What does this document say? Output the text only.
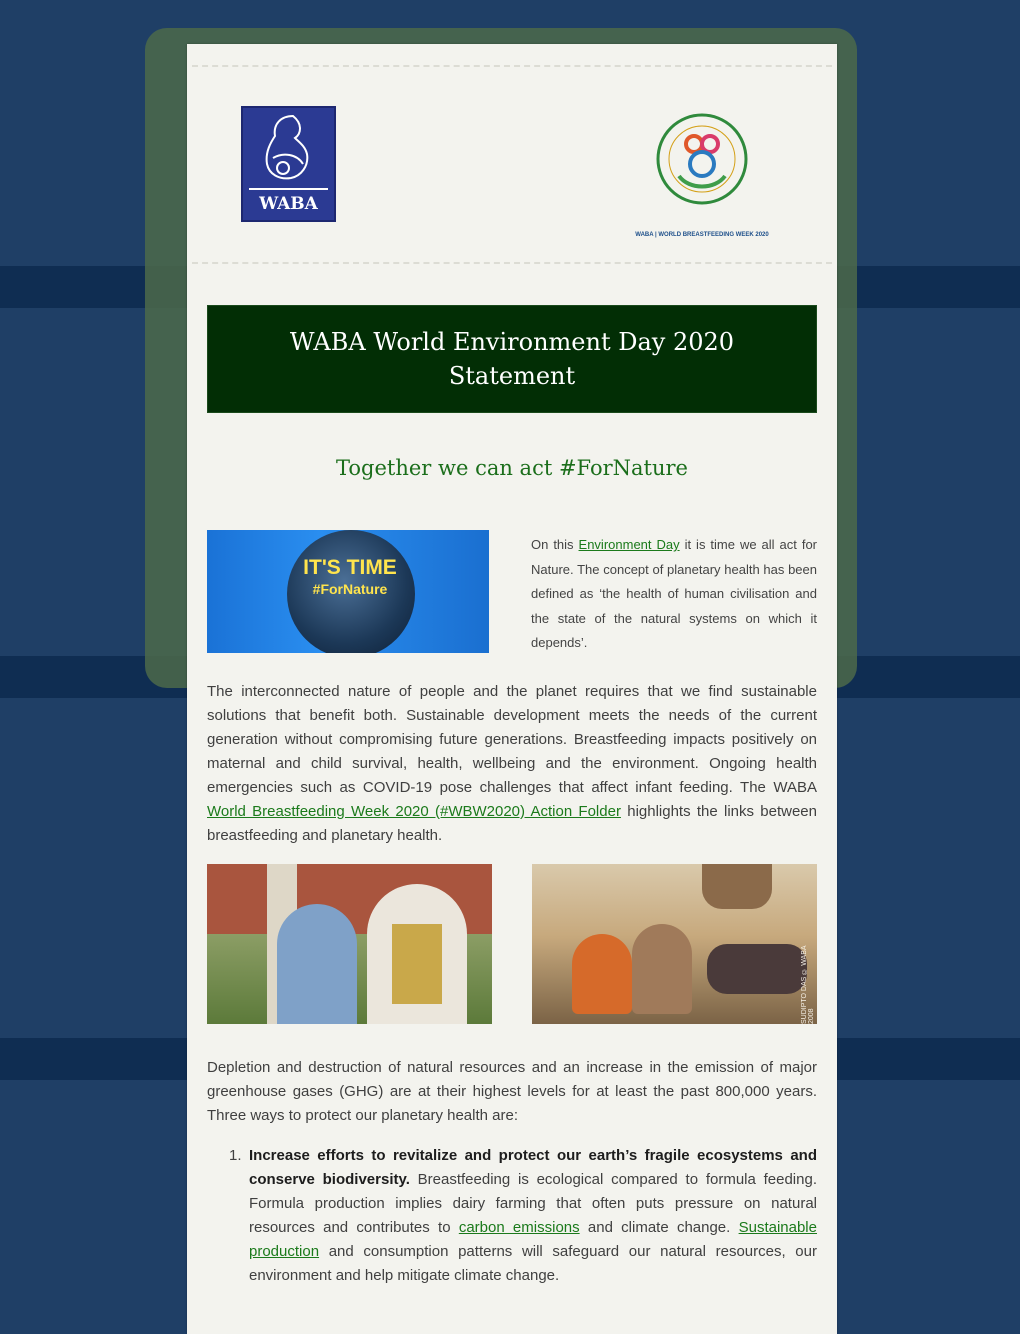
WABA
WABA | WORLD BREASTFEEDING WEEK 2020
WABA World Environment Day 2020 Statement
Together we can act #ForNature
IT'S TIME
#ForNature

On this Environment Day it is time we all act for Nature. The concept of planetary health has been defined as ‘the health of human civilisation and the state of the natural systems on which it depends’.

The interconnected nature of people and the planet requires that we find sustainable solutions that benefit both. Sustainable development meets the needs of the current generation without compromising future generations. Breastfeeding impacts positively on maternal and child survival, health, wellbeing and the environment. Ongoing health emergencies such as COVID-19 pose challenges that affect infant feeding. The WABA World Breastfeeding Week 2020 (#WBW2020) Action Folder highlights the links between breastfeeding and planetary health.

SUDIPTO DAS © WABA 2008

Depletion and destruction of natural resources and an increase in the emission of major greenhouse gases (GHG) are at their highest levels for at least the past 800,000 years. Three ways to protect our planetary health are:

1. Increase efforts to revitalize and protect our earth’s fragile ecosystems and conserve biodiversity. Breastfeeding is ecological compared to formula feeding. Formula production implies dairy farming that often puts pressure on natural resources and contributes to carbon emissions and climate change. Sustainable production and consumption patterns will safeguard our natural resources, our environment and help mitigate climate change.
